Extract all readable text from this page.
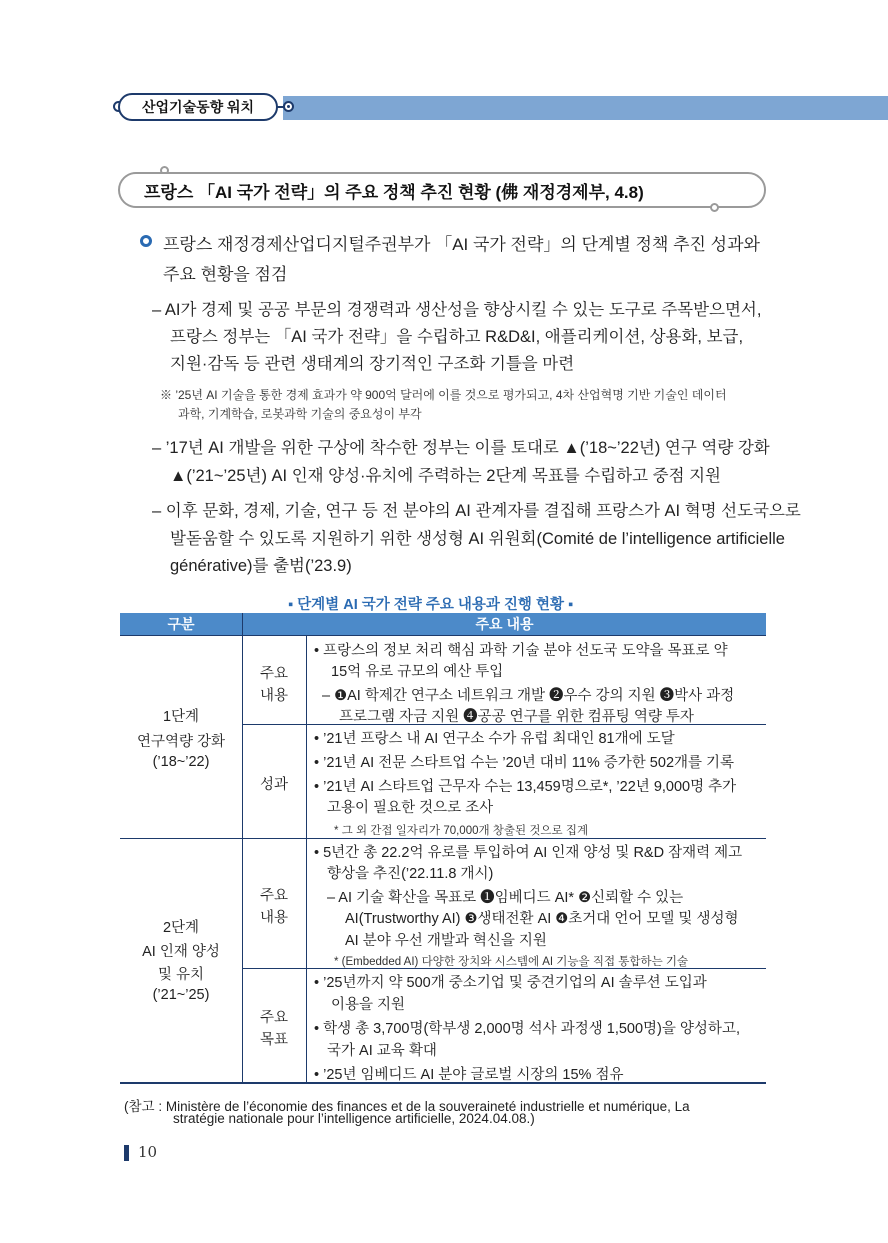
산업기술동향 워치
프랑스 「AI 국가 전략」의 주요 정책 추진 현황 (佛 재정경제부, 4.8)
프랑스 재정경제산업디지털주권부가 「AI 국가 전략」의 단계별 정책 추진 성과와
주요 현황을 점검
– AI가 경제 및 공공 부문의 경쟁력과 생산성을 향상시킬 수 있는 도구로 주목받으면서,
프랑스 정부는 「AI 국가 전략」을 수립하고 R&D&I, 애플리케이션, 상용화, 보급,
지원·감독 등 관련 생태계의 장기적인 구조화 기틀을 마련
※ ’25년 AI 기술을 통한 경제 효과가 약 900억 달러에 이를 것으로 평가되고, 4차 산업혁명 기반 기술인 데이터
과학, 기계학습, 로봇과학 기술의 중요성이 부각
– ’17년 AI 개발을 위한 구상에 착수한 정부는 이를 토대로 ▲(’18~’22년) 연구 역량 강화
▲(’21~’25년) AI 인재 양성·유치에 주력하는 2단계 목표를 수립하고 중점 지원
– 이후 문화, 경제, 기술, 연구 등 전 분야의 AI 관계자를 결집해 프랑스가 AI 혁명 선도국으로
발돋움할 수 있도록 지원하기 위한 생성형 AI 위원회(Comité de l’intelligence artificielle
générative)를 출범(’23.9)
▪ 단계별 AI 국가 전략 주요 내용과 진행 현황 ▪
구분	주요 내용
1단계
연구역량 강화
(’18~’22)
주요
내용
• 프랑스의 정보 처리 핵심 과학 기술 분야 선도국 도약을 목표로 약
15억 유로 규모의 예산 투입
– ❶AI 학제간 연구소 네트워크 개발 ❷우수 강의 지원 ❸박사 과정
프로그램 자금 지원 ❹공공 연구를 위한 컴퓨팅 역량 투자
성과
• ’21년 프랑스 내 AI 연구소 수가 유럽 최대인 81개에 도달
• ’21년 AI 전문 스타트업 수는 ’20년 대비 11% 증가한 502개를 기록
• ’21년 AI 스타트업 근무자 수는 13,459명으로*, ’22년 9,000명 추가
고용이 필요한 것으로 조사
* 그 외 간접 일자리가 70,000개 창출된 것으로 집계
2단계
AI 인재 양성
및 유치
(’21~’25)
주요
내용
• 5년간 총 22.2억 유로를 투입하여 AI 인재 양성 및 R&D 잠재력 제고
향상을 추진(’22.11.8 개시)
– AI 기술 확산을 목표로 ❶임베디드 AI* ❷신뢰할 수 있는
AI(Trustworthy AI) ❸생태전환 AI ❹초거대 언어 모델 및 생성형
AI 분야 우선 개발과 혁신을 지원
* (Embedded AI) 다양한 장치와 시스템에 AI 기능을 직접 통합하는 기술
주요
목표
• ’25년까지 약 500개 중소기업 및 중견기업의 AI 솔루션 도입과
이용을 지원
• 학생 총 3,700명(학부생 2,000명 석사 과정생 1,500명)을 양성하고,
국가 AI 교육 확대
• ’25년 임베디드 AI 분야 글로벌 시장의 15% 점유
(참고 : Ministère de l’économie des finances et de la souveraineté industrielle et numérique, La
stratégie nationale pour l’intelligence artificielle, 2024.04.08.)
10
